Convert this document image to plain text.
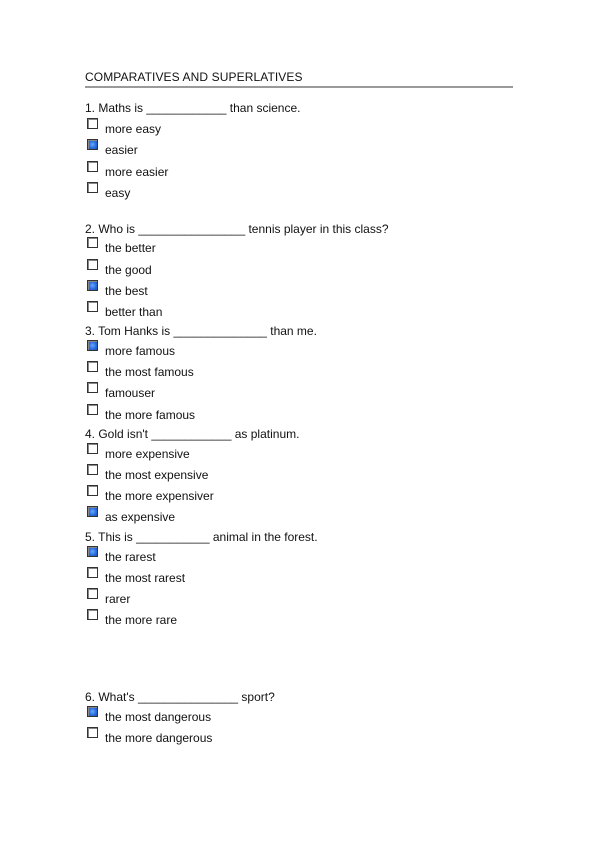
COMPARATIVES AND SUPERLATIVES
1. Maths is ____________ than science.
more easy
easier
more easier
easy
2. Who is ________________ tennis player in this class?
the better
the good
the best
better than
3. Tom Hanks is ______________ than me.
more famous
the most famous
famouser
the more famous
4. Gold isn't ____________ as platinum.
more expensive
the most expensive
the more expensiver
as expensive
5. This is ___________ animal in the forest.
the rarest
the most rarest
rarer
the more rare
6. What's _______________ sport?
the most dangerous
the more dangerous
